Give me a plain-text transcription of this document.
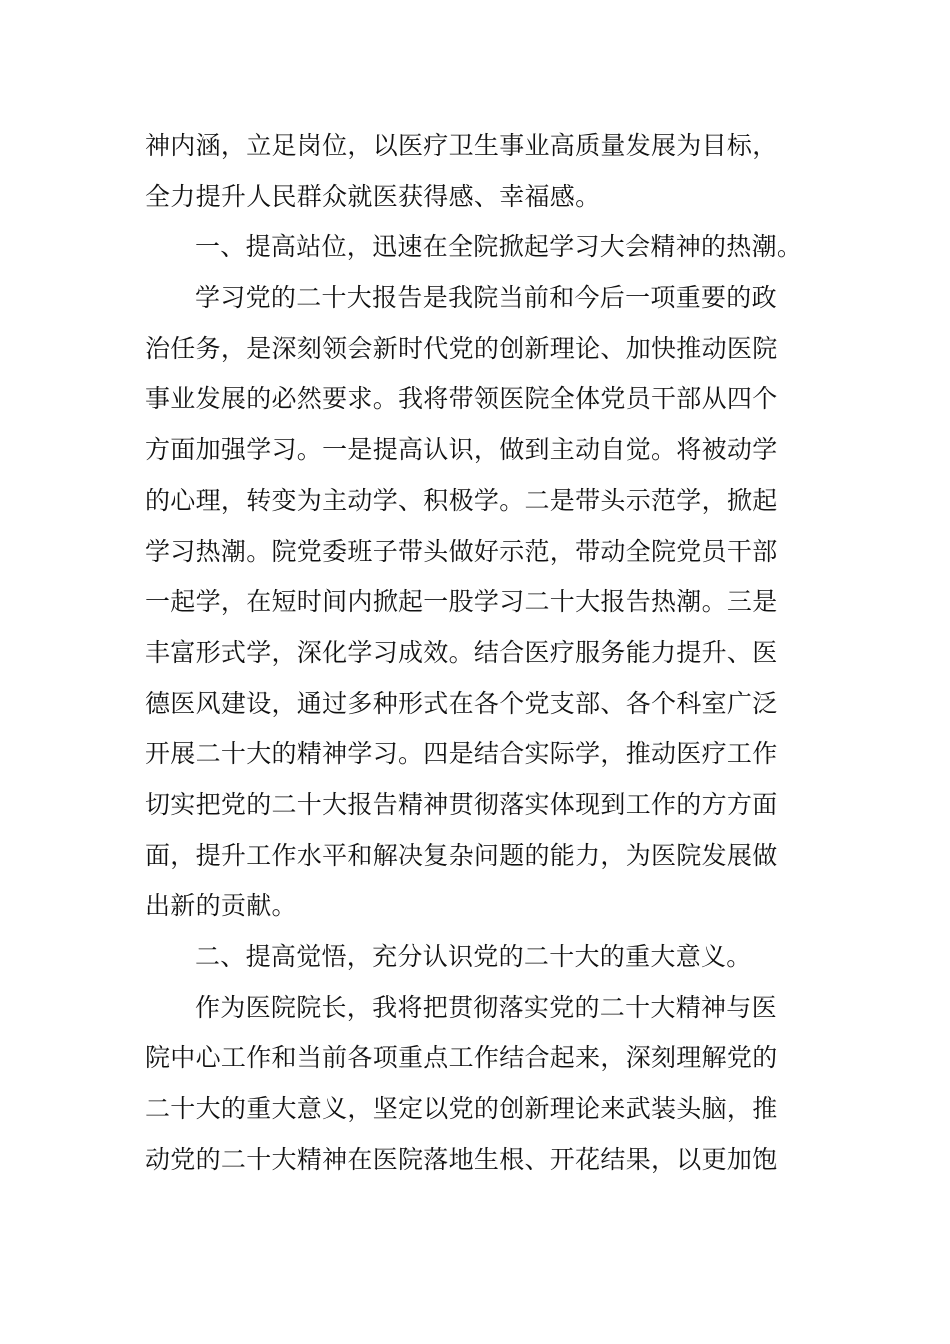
神内涵，立足岗位，以医疗卫生事业高质量发展为目标，
全力提升人民群众就医获得感、幸福感。
一、提高站位，迅速在全院掀起学习大会精神的热潮。
学习党的二十大报告是我院当前和今后一项重要的政
治任务，是深刻领会新时代党的创新理论、加快推动医院
事业发展的必然要求。我将带领医院全体党员干部从四个
方面加强学习。一是提高认识，做到主动自觉。将被动学
的心理，转变为主动学、积极学。二是带头示范学，掀起
学习热潮。院党委班子带头做好示范，带动全院党员干部
一起学，在短时间内掀起一股学习二十大报告热潮。三是
丰富形式学，深化学习成效。结合医疗服务能力提升、医
德医风建设，通过多种形式在各个党支部、各个科室广泛
开展二十大的精神学习。四是结合实际学，推动医疗工作
切实把党的二十大报告精神贯彻落实体现到工作的方方面
面，提升工作水平和解决复杂问题的能力，为医院发展做
出新的贡献。
二、提高觉悟，充分认识党的二十大的重大意义。
作为医院院长，我将把贯彻落实党的二十大精神与医
院中心工作和当前各项重点工作结合起来，深刻理解党的
二十大的重大意义，坚定以党的创新理论来武装头脑，推
动党的二十大精神在医院落地生根、开花结果，以更加饱
